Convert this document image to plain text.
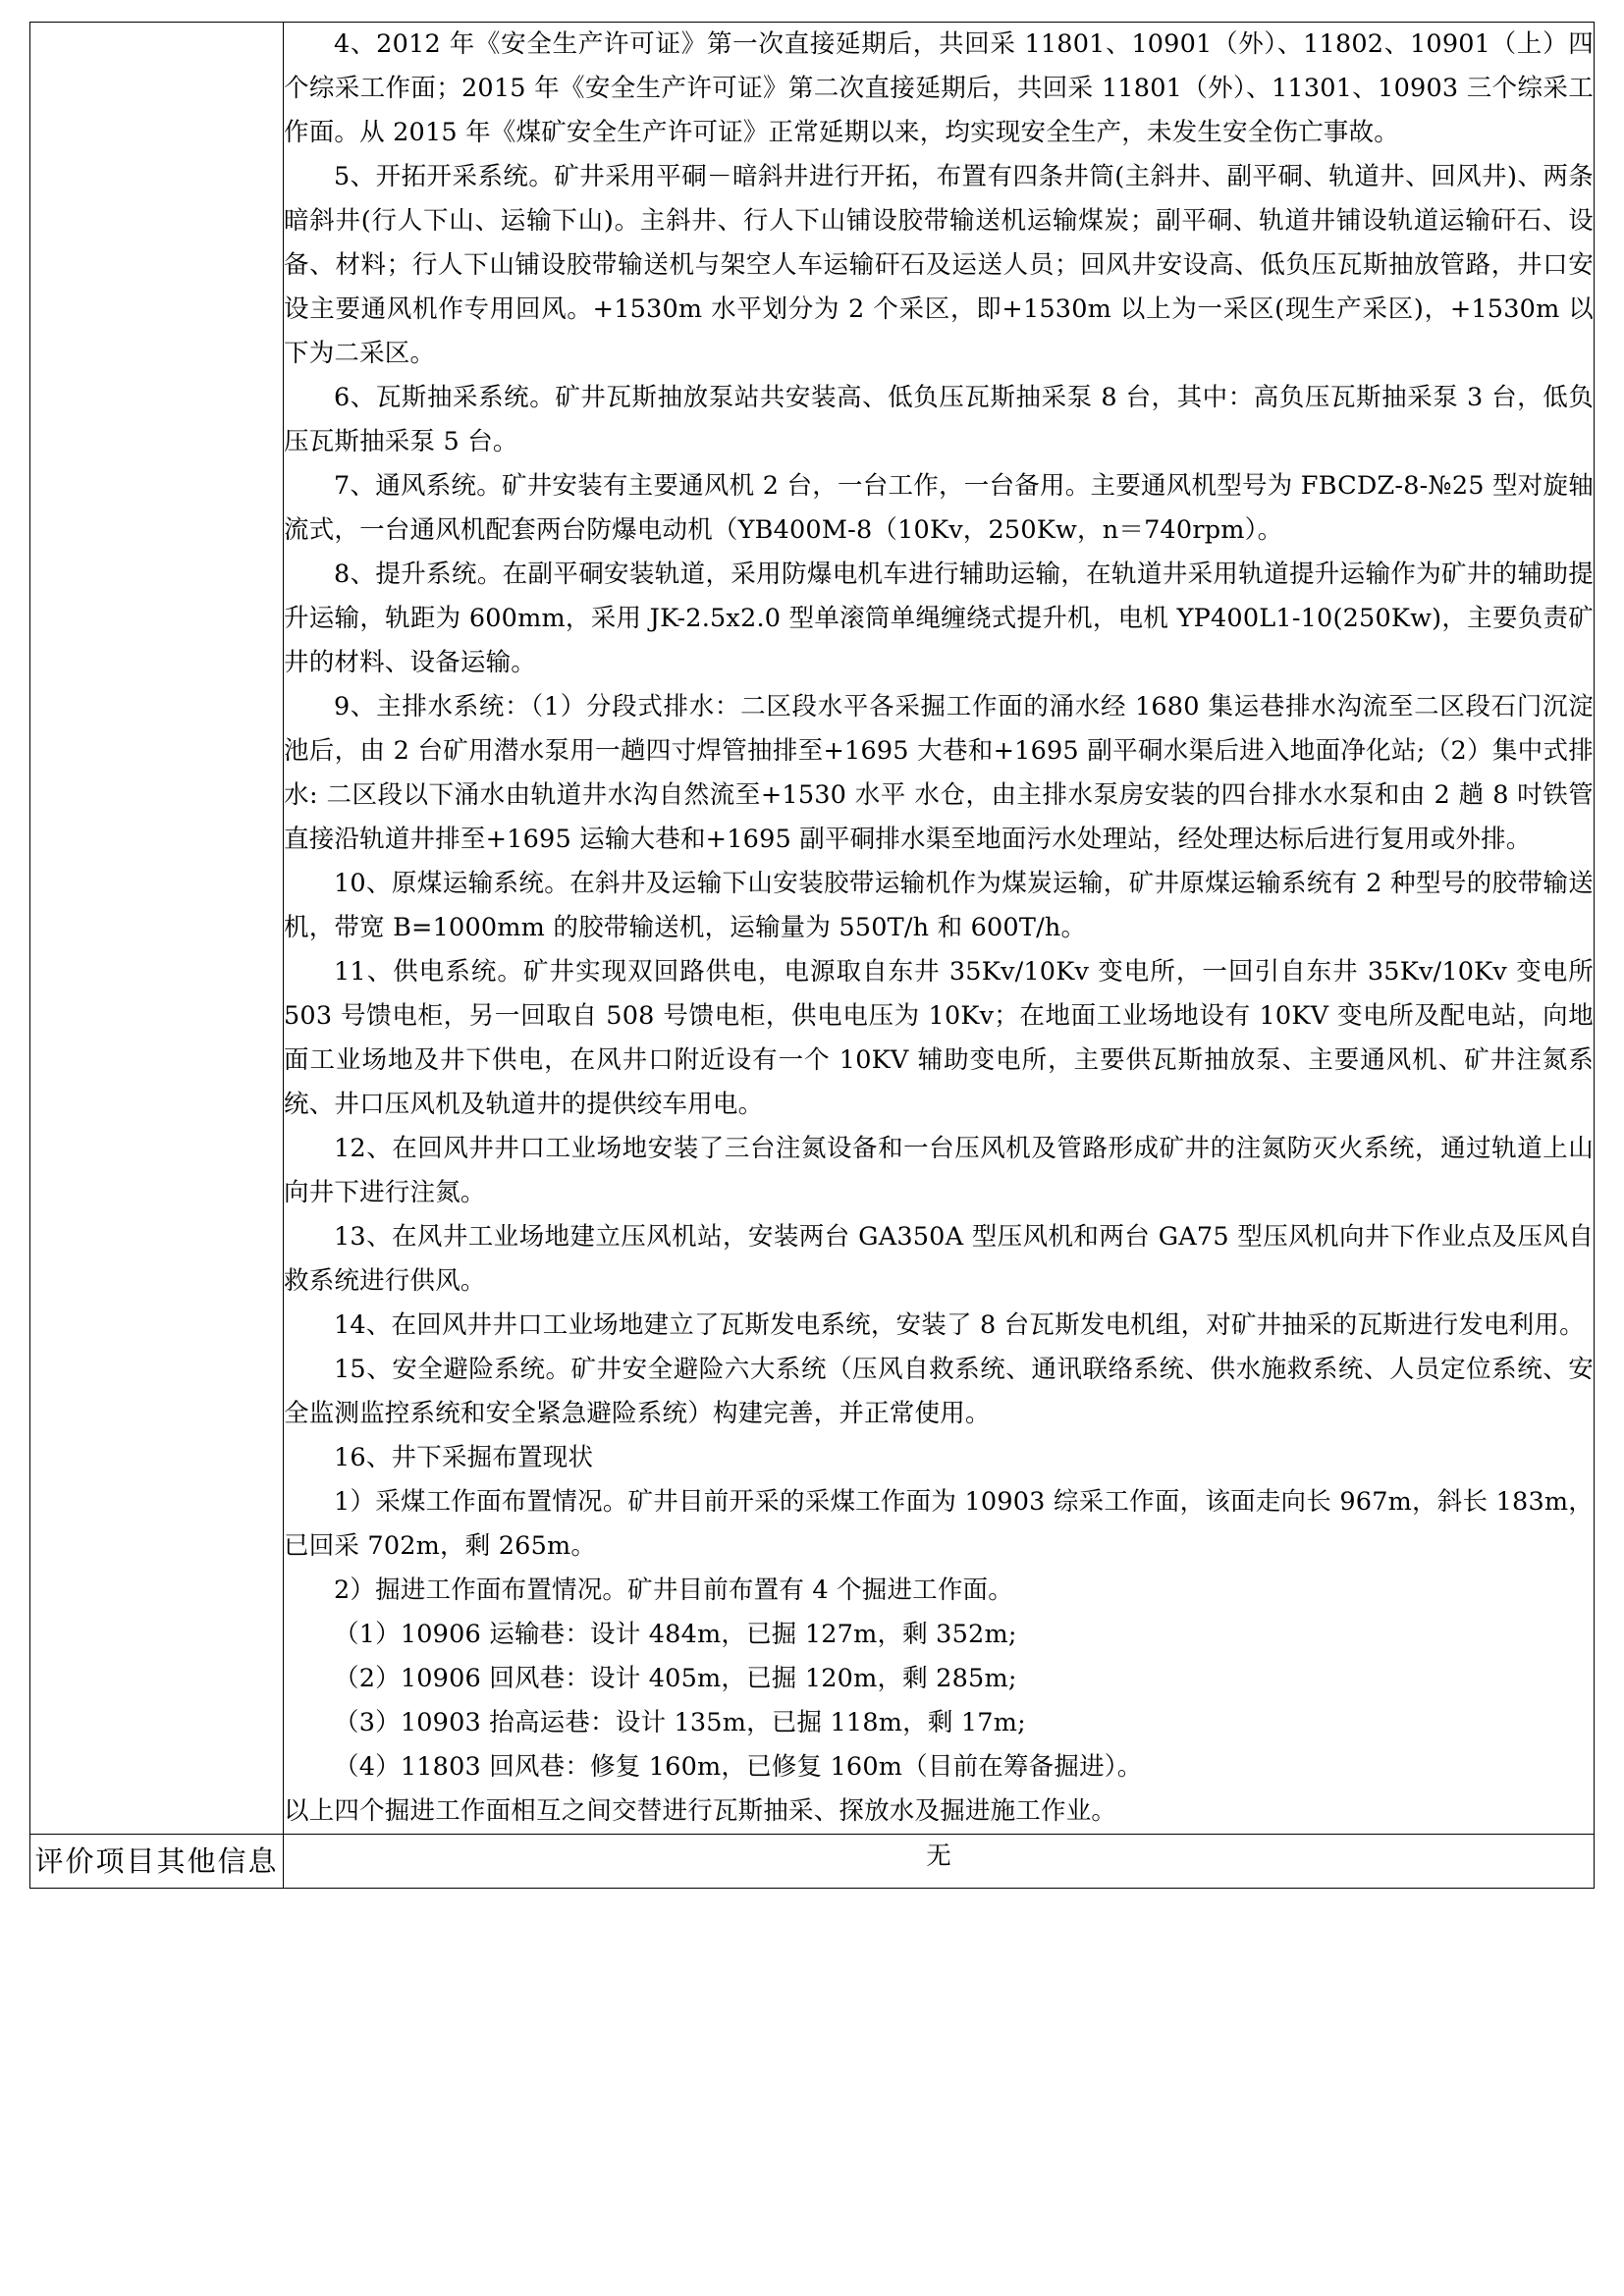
4、2012 年《安全生产许可证》第一次直接延期后，共回采 11801、10901（外）、11802、10901（上）四个综采工作面；2015 年《安全生产许可证》第二次直接延期后，共回采 11801（外）、11301、10903 三个综采工作面。从 2015 年《煤矿安全生产许可证》正常延期以来，均实现安全生产，未发生安全伤亡事故。

5、开拓开采系统。矿井采用平硐－暗斜井进行开拓，布置有四条井筒(主斜井、副平硐、轨道井、回风井)、两条暗斜井(行人下山、运输下山)。主斜井、行人下山铺设胶带输送机运输煤炭；副平硐、轨道井铺设轨道运输矸石、设备、材料；行人下山铺设胶带输送机与架空人车运输矸石及运送人员；回风井安设高、低负压瓦斯抽放管路，井口安设主要通风机作专用回风。+1530m 水平划分为 2 个采区，即+1530m 以上为一采区(现生产采区)，+1530m 以下为二采区。

6、瓦斯抽采系统。矿井瓦斯抽放泵站共安装高、低负压瓦斯抽采泵 8 台，其中：高负压瓦斯抽采泵 3 台，低负压瓦斯抽采泵 5 台。

7、通风系统。矿井安装有主要通风机 2 台，一台工作，一台备用。主要通风机型号为 FBCDZ-8-№25 型对旋轴流式，一台通风机配套两台防爆电动机（YB400M-8（10Kv，250Kw，n＝740rpm）。

8、提升系统。在副平硐安装轨道，采用防爆电机车进行辅助运输，在轨道井采用轨道提升运输作为矿井的辅助提升运输，轨距为 600mm，采用 JK-2.5x2.0 型单滚筒单绳缠绕式提升机，电机 YP400L1-10(250Kw)，主要负责矿井的材料、设备运输。

9、主排水系统：（1）分段式排水：二区段水平各采掘工作面的涌水经 1680 集运巷排水沟流至二区段石门沉淀池后，由 2 台矿用潜水泵用一趟四寸焊管抽排至+1695 大巷和+1695 副平硐水渠后进入地面净化站;（2）集中式排水: 二区段以下涌水由轨道井水沟自然流至+1530 水平 水仓，由主排水泵房安装的四台排水水泵和由 2 趟 8 吋铁管直接沿轨道井排至+1695 运输大巷和+1695 副平硐排水渠至地面污水处理站，经处理达标后进行复用或外排。

10、原煤运输系统。在斜井及运输下山安装胶带运输机作为煤炭运输，矿井原煤运输系统有 2 种型号的胶带输送机，带宽 B=1000mm 的胶带输送机，运输量为 550T/h 和 600T/h。

11、供电系统。矿井实现双回路供电，电源取自东井 35Kv/10Kv 变电所，一回引自东井 35Kv/10Kv 变电所 503 号馈电柜，另一回取自 508 号馈电柜，供电电压为 10Kv；在地面工业场地设有 10KV 变电所及配电站，向地面工业场地及井下供电，在风井口附近设有一个 10KV 辅助变电所，主要供瓦斯抽放泵、主要通风机、矿井注氮系统、井口压风机及轨道井的提供绞车用电。

12、在回风井井口工业场地安装了三台注氮设备和一台压风机及管路形成矿井的注氮防灭火系统，通过轨道上山向井下进行注氮。

13、在风井工业场地建立压风机站，安装两台 GA350A 型压风机和两台 GA75 型压风机向井下作业点及压风自救系统进行供风。

14、在回风井井口工业场地建立了瓦斯发电系统，安装了 8 台瓦斯发电机组，对矿井抽采的瓦斯进行发电利用。

15、安全避险系统。矿井安全避险六大系统（压风自救系统、通讯联络系统、供水施救系统、人员定位系统、安全监测监控系统和安全紧急避险系统）构建完善，并正常使用。

16、井下采掘布置现状

1）采煤工作面布置情况。矿井目前开采的采煤工作面为 10903 综采工作面，该面走向长 967m，斜长 183m，已回采 702m，剩 265m。

2）掘进工作面布置情况。矿井目前布置有 4 个掘进工作面。

（1）10906 运输巷：设计 484m，已掘 127m，剩 352m;

（2）10906 回风巷：设计 405m，已掘 120m，剩 285m;

（3）10903 抬高运巷：设计 135m，已掘 118m，剩 17m;

（4）11803 回风巷：修复 160m，已修复 160m（目前在筹备掘进）。

以上四个掘进工作面相互之间交替进行瓦斯抽采、探放水及掘进施工作业。

评价项目其他信息	无
